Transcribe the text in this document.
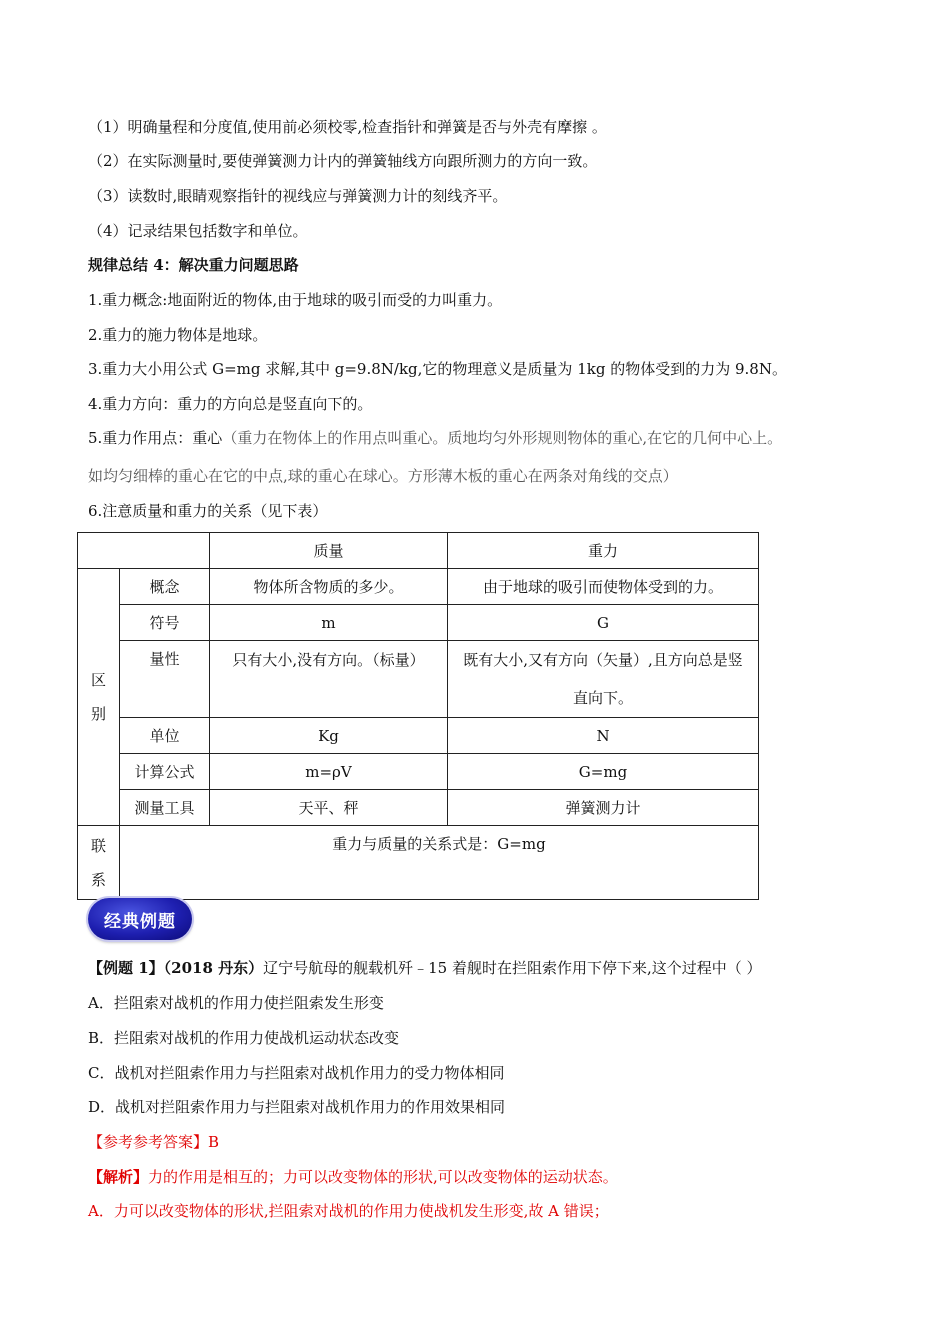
（1）明确量程和分度值,使用前必须校零,检查指针和弹簧是否与外壳有摩擦 。
（2）在实际测量时,要使弹簧测力计内的弹簧轴线方向跟所测力的方向一致。
（3）读数时,眼睛观察指针的视线应与弹簧测力计的刻线齐平。
（4）记录结果包括数字和单位。
规律总结 4：解决重力问题思路
1.重力概念:地面附近的物体,由于地球的吸引而受的力叫重力。
2.重力的施力物体是地球。
3.重力大小用公式 G=mg 求解,其中 g=9.8N/kg,它的物理意义是质量为 1kg 的物体受到的力为 9.8N。
4.重力方向：重力的方向总是竖直向下的。
5.重力作用点：重心（重力在物体上的作用点叫重心。质地均匀外形规则物体的重心,在它的几何中心上。
如均匀细棒的重心在它的中点,球的重心在球心。方形薄木板的重心在两条对角线的交点）
6.注意质量和重力的关系（见下表）
		质量	重力

区
别	概念	物体所含物质的多少。	由于地球的吸引而使物体受到的力。
	符号	m	G
	量性	只有大小,没有方向。（标量）	既有大小,又有方向（矢量）,且方向总是竖直向下。
	单位	Kg	N
	计算公式	m=ρV	G=mg
	测量工具	天平、秤	弹簧测力计

联
系	重力与质量的关系式是：G=mg		
经典例题
【例题 1】（2018 丹东）辽宁号航母的舰载机歼﹣15 着舰时在拦阻索作用下停下来,这个过程中（ ）
A．拦阻索对战机的作用力使拦阻索发生形变
B．拦阻索对战机的作用力使战机运动状态改变
C．战机对拦阻索作用力与拦阻索对战机作用力的受力物体相同
D．战机对拦阻索作用力与拦阻索对战机作用力的作用效果相同
【参考参考答案】B
【解析】力的作用是相互的；力可以改变物体的形状,可以改变物体的运动状态。
A．力可以改变物体的形状,拦阻索对战机的作用力使战机发生形变,故 A 错误；
